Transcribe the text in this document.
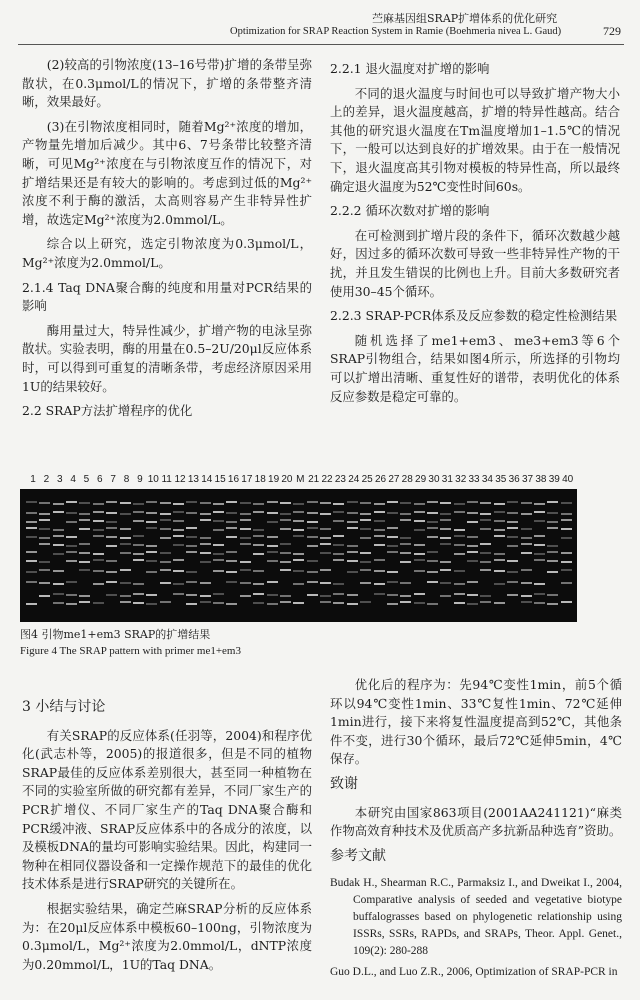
苎麻基因组SRAP扩增体系的优化研究
Optimization for SRAP Reaction System in Ramie (Boehmeria nivea L. Gaud)	729

(2)较高的引物浓度(13–16号带)扩增的条带呈弥散状，在0.3μmol/L的情况下，扩增的条带整齐清晰，效果最好。

(3)在引物浓度相同时，随着Mg²⁺浓度的增加，产物量先增加后减少。其中6、7号条带比较整齐清晰，可见Mg²⁺浓度在与引物浓度互作的情况下，对扩增结果还是有较大的影响的。考虑到过低的Mg²⁺浓度不利于酶的激活，太高则容易产生非特异性扩增，故选定Mg²⁺浓度为2.0mmol/L。

综合以上研究，选定引物浓度为0.3μmol/L，Mg²⁺浓度为2.0mmol/L。

2.1.4 Taq DNA聚合酶的纯度和用量对PCR结果的影响

酶用量过大，特异性减少，扩增产物的电泳呈弥散状。实验表明，酶的用量在0.5–2U/20μl反应体系时，可以得到可重复的清晰条带，考虑经济原因采用1U的结果较好。

2.2 SRAP方法扩增程序的优化
2.2.1 退火温度对扩增的影响

不同的退火温度与时间也可以导致扩增产物大小上的差异，退火温度越高，扩增的特异性越高。结合其他的研究退火温度在Tm温度增加1–1.5℃的情况下，一般可以达到良好的扩增效果。由于在一般情况下，退火温度高其引物对模板的特异性高，所以最终确定退火温度为52℃变性时间60s。

2.2.2 循环次数对扩增的影响

在可检测到扩增片段的条件下，循环次数越少越好，因过多的循环次数可导致一些非特异性产物的干扰，并且发生错误的比例也上升。目前大多数研究者使用30–45个循环。

2.2.3 SRAP-PCR体系及反应参数的稳定性检测结果

随机选择了me1+em3、me3+em3等6个SRAP引物组合，结果如图4所示，所选择的引物均可以扩增出清晰、重复性好的谱带，表明优化的体系反应参数是稳定可靠的。

1 2 3 4 5 6 7 8 9 10 11 12 13 14 15 16 17 18 19 20 M 21 22 23 24 25 26 27 28 29 30 31 32 33 34 35 36 37 38 39 40
图4 引物me1+em3 SRAP的扩增结果
Figure 4 The SRAP pattern with primer me1+em3
3 小结与讨论

有关SRAP的反应体系(任羽等，2004)和程序优化(武志朴等，2005)的报道很多，但是不同的植物SRAP最佳的反应体系差别很大，甚至同一种植物在不同的实验室所做的研究都有差异，不同厂家生产的PCR扩增仪、不同厂家生产的Taq DNA聚合酶和PCR缓冲液、SRAP反应体系中的各成分的浓度，以及模板DNA的量均可影响实验结果。因此，构建同一物种在相同仪器设备和一定操作规范下的最佳的优化技术体系是进行SRAP研究的关键所在。

根据实验结果，确定苎麻SRAP分析的反应体系为：在20μl反应体系中模板60–100ng，引物浓度为0.3μmol/L，Mg²⁺浓度为2.0mmol/L，dNTP浓度为0.20mmol/L，1U的Taq DNA。

优化后的程序为：先94℃变性1min，前5个循环以94℃变性1min、33℃复性1min、72℃延伸1min进行，接下来将复性温度提高到52℃，其他条件不变，进行30个循环，最后72℃延伸5min，4℃保存。

致谢

本研究由国家863项目(2001AA241121)“麻类作物高效育种技术及优质高产多抗新品种选育”资助。

参考文献

Budak H., Shearman R.C., Parmaksiz I., and Dweikat I., 2004, Comparative analysis of seeded and vegetative biotype buffalograsses based on phylogenetic relationship using ISSRs, SSRs, RAPDs, and SRAPs, Theor. Appl. Genet., 109(2): 280-288

Guo D.L., and Luo Z.R., 2006, Optimization of SRAP-PCR in
